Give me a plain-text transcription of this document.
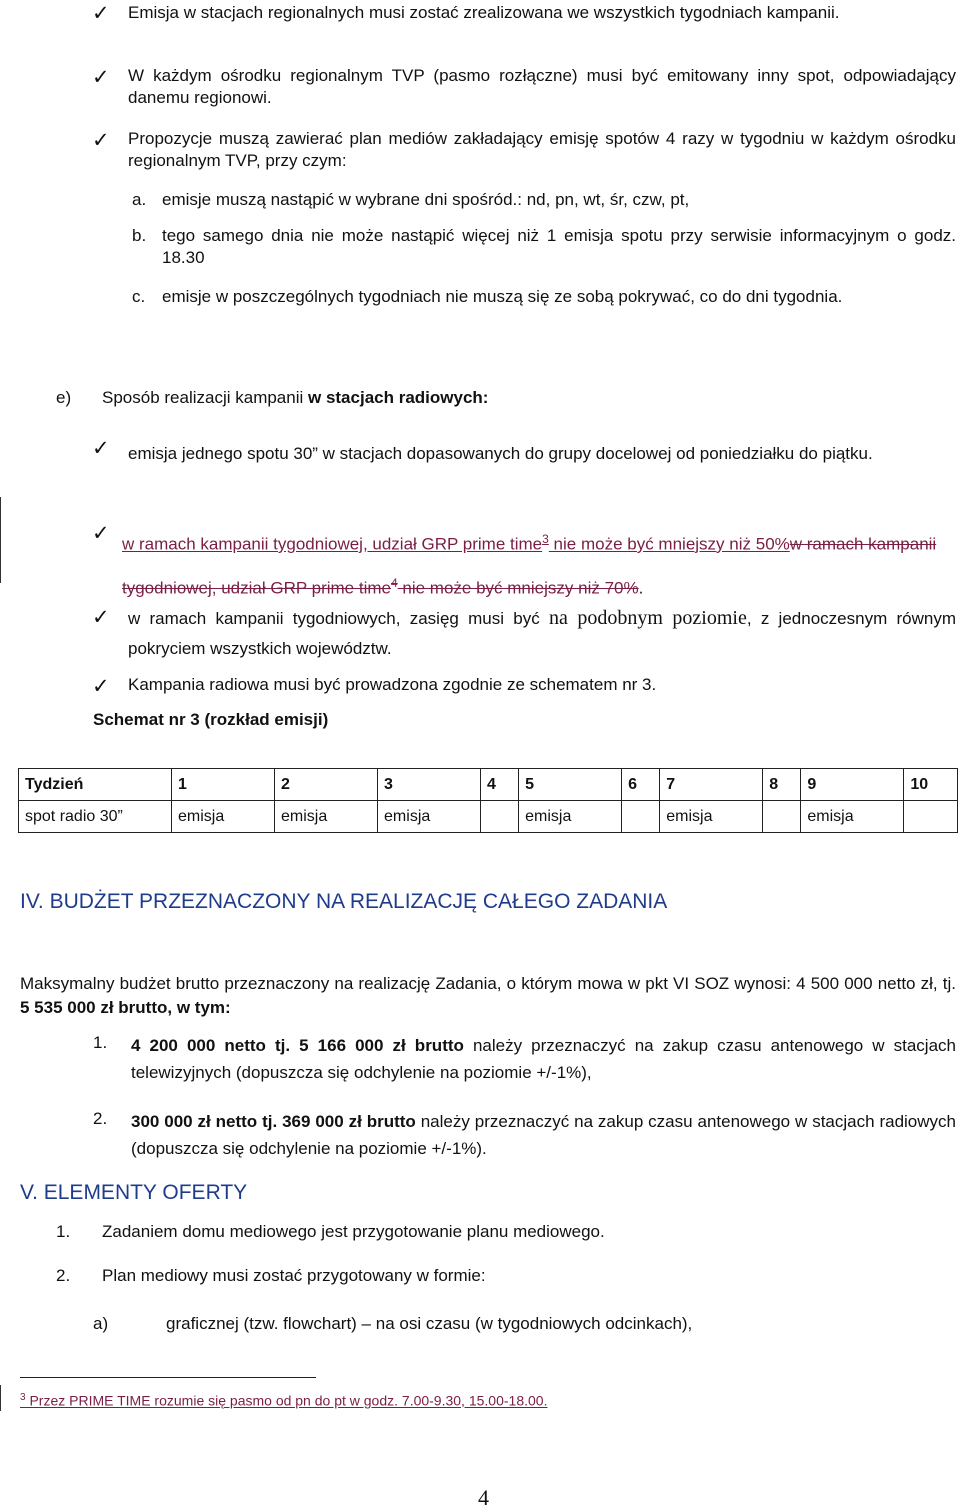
✓ Emisja w stacjach regionalnych musi zostać zrealizowana we wszystkich tygodniach kampanii.
✓ W każdym ośrodku regionalnym TVP (pasmo rozłączne) musi być emitowany inny spot, odpowiadający danemu regionowi.
✓ Propozycje muszą zawierać plan mediów zakładający emisję spotów 4 razy w tygodniu w każdym ośrodku regionalnym TVP, przy czym:
a. emisje muszą nastąpić w wybrane dni spośród.: nd, pn, wt, śr, czw, pt,
b. tego samego dnia nie może nastąpić więcej niż 1 emisja spotu przy serwisie informacyjnym o godz. 18.30
c. emisje w poszczególnych tygodniach nie muszą się ze sobą pokrywać, co do dni tygodnia.
e) Sposób realizacji kampanii w stacjach radiowych:
✓ emisja jednego spotu 30” w stacjach dopasowanych do grupy docelowej od poniedziałku do piątku.
✓ w ramach kampanii tygodniowej, udział GRP prime time$^3$ nie może być mniejszy niż 50%w ramach kampanii tygodniowej, udział GRP prime time$^4$ nie może być mniejszy niż 70%.
✓ w ramach kampanii tygodniowych, zasięg musi być na podobnym poziomie, z jednoczesnym równym pokryciem wszystkich województw.
✓ Kampania radiowa musi być prowadzona zgodnie ze schematem nr 3.
Schemat nr 3 (rozkład emisji)
Tydzień	1	2	3	4	5	6	7	8	9	10
spot radio 30”	emisja	emisja	emisja		emisja		emisja		emisja	
IV. BUDŻET PRZEZNACZONY NA REALIZACJĘ CAŁEGO ZADANIA
Maksymalny budżet brutto przeznaczony na realizację Zadania, o którym mowa w pkt VI SOZ wynosi: 4 500 000 netto zł, tj. 5 535 000 zł brutto, w tym:
1. 4 200 000 netto tj. 5 166 000 zł brutto należy przeznaczyć na zakup czasu antenowego w stacjach telewizyjnych (dopuszcza się odchylenie na poziomie +/-1%),
2. 300 000 zł netto tj. 369 000 zł brutto należy przeznaczyć na zakup czasu antenowego w stacjach radiowych (dopuszcza się odchylenie na poziomie +/-1%).
V. ELEMENTY OFERTY
1. Zadaniem domu mediowego jest przygotowanie planu mediowegо.
2. Plan mediowy musi zostać przygotowany w formie:
a)	graficznej (tzw. flowchart) – na osi czasu (w tygodniowych odcinkach),
$^3$ Przez PRIME TIME rozumie się pasmo od pn do pt w godz. 7.00-9.30, 15.00-18.00.
4
